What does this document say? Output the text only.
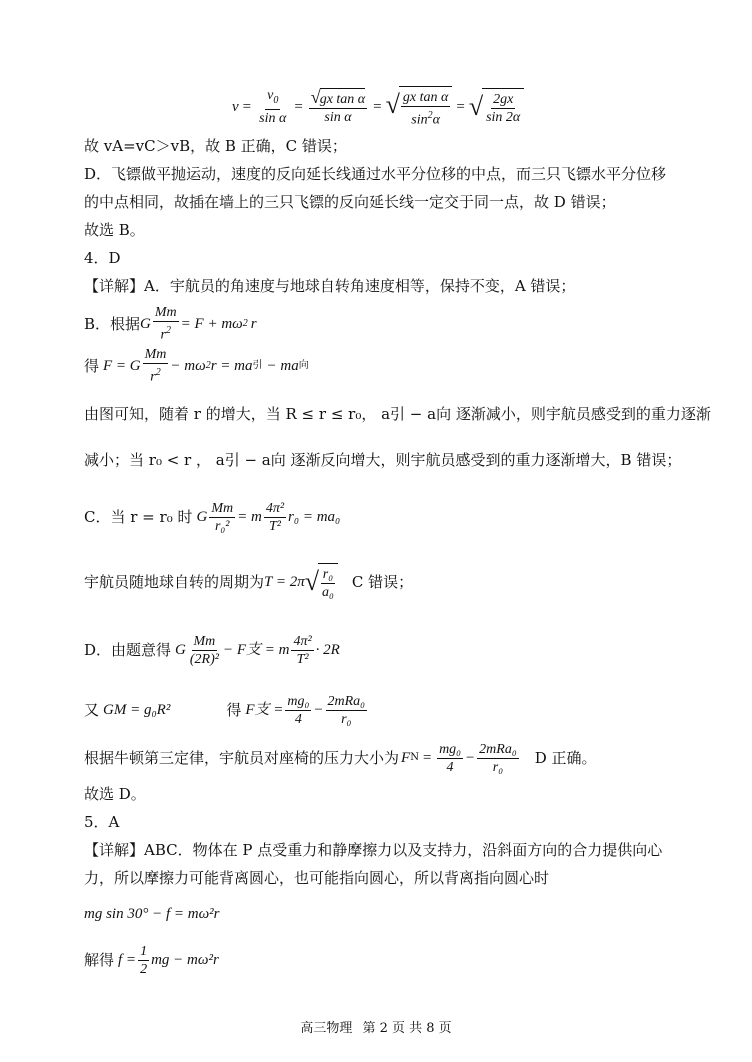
$v = \frac{v_0}{\text{sin α}} = \frac{\text{√ gx tan α}}{\text{sin α}}$ = √ $\frac{\text{gx tan α}}{\sin^2\alpha}$ = √ $\frac{2gx}{\sin 2\alpha}$
故 vA=vC＞vB，故 B 正确，C 错误；
D．飞镖做平抛运动，速度的反向延长线通过水平分位移的中点，而三只飞镖水平分位移
的中点相同，故插在墙上的三只飞镖的反向延长线一定交于同一点，故 D 错误；
故选 B。
4．D
【详解】A．宇航员的角速度与地球自转角速度相等，保持不变，A 错误；
B．根据 G $\frac{Mm}{r^2} = F + m\omega$ 2 r
得 F = G $\frac{Mm}{r^2} - m\omega$ 2 r = ma 引 − ma 向
由图可知，随着 r 的增大，当 R ≤ r ≤ r₀， a引 − a向 逐渐减小，则宇航员感受到的重力逐渐
减小；当 r₀ < r ， a引 − a向 逐渐反向增大，则宇航员感受到的重力逐渐增大，B 错误；
C．当 r = r₀ 时 G $\frac{Mm}{\text{r₀²}} = m \frac{\text{4π²}}{\text{T²}} r_0 = ma_0$
宇航员随地球自转的周期为 T = 2π √ $\frac{\text{r₀}}{\text{a₀}}$ C 错误；
D．由题意得 G $\frac{Mm}{\text{(2R)²}} - F$支 = m $\frac{\text{4π²}}{\text{T²}} \cdot 2R$
又 GM = g₀R²	得 F支 = $\frac{\text{mg₀}}{4} - \frac{\text{2mRa₀}}{\text{r₀}}$
根据牛顿第三定律，宇航员对座椅的压力大小为 F $N = \frac{\text{mg₀}}{4} - \frac{\text{2mRa₀}}{\text{r₀}}$ D 正确。
故选 D。
5．A
【详解】ABC．物体在 P 点受重力和静摩擦力以及支持力，沿斜面方向的合力提供向心
力，所以摩擦力可能背离圆心，也可能指向圆心，所以背离指向圆心时
mg sin 30° − f = mω²r
解得 $f = \frac{1}{2}$ mg − mω²r
高三物理 第 2 页 共 8 页
